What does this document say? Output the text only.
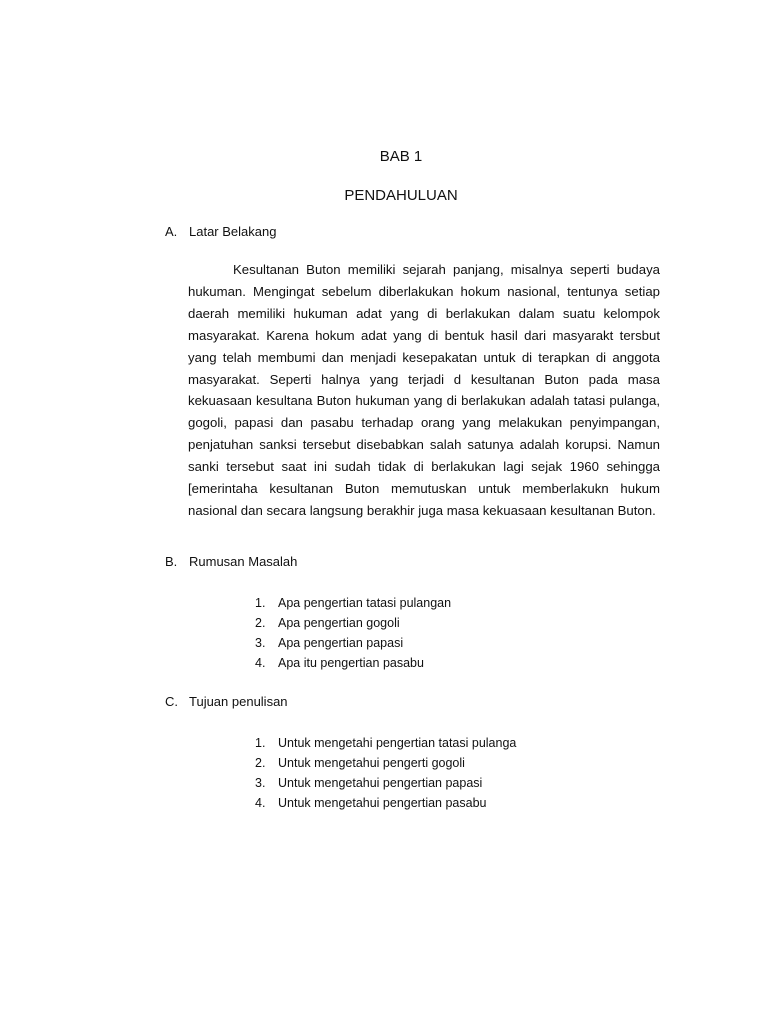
BAB 1
PENDAHULUAN
A. Latar Belakang

Kesultanan Buton memiliki sejarah panjang, misalnya seperti budaya hukuman. Mengingat sebelum diberlakukan hokum nasional, tentunya setiap daerah memiliki hukuman adat yang di berlakukan dalam suatu kelompok masyarakat. Karena hokum adat yang di bentuk hasil dari masyarakt tersbut yang telah membumi dan menjadi kesepakatan untuk di terapkan di anggota masyarakat. Seperti halnya yang terjadi d kesultanan Buton pada masa kekuasaan kesultana Buton hukuman yang di berlakukan adalah tatasi pulanga, gogoli, papasi dan pasabu terhadap orang yang melakukan penyimpangan, penjatuhan sanksi tersebut disebabkan salah satunya adalah korupsi. Namun sanki tersebut saat ini sudah tidak di berlakukan lagi sejak 1960 sehingga [emerintaha kesultanan Buton memutuskan untuk memberlakukn hukum nasional dan secara langsung berakhir juga masa kekuasaan kesultanan Buton.

B. Rumusan Masalah
1. Apa pengertian tatasi pulangan
2. Apa pengertian gogoli
3. Apa pengertian papasi
4. Apa itu pengertian pasabu
C. Tujuan penulisan
1. Untuk mengetahi pengertian tatasi pulanga
2. Untuk mengetahui pengerti gogoli
3. Untuk mengetahui pengertian papasi
4. Untuk mengetahui pengertian pasabu
